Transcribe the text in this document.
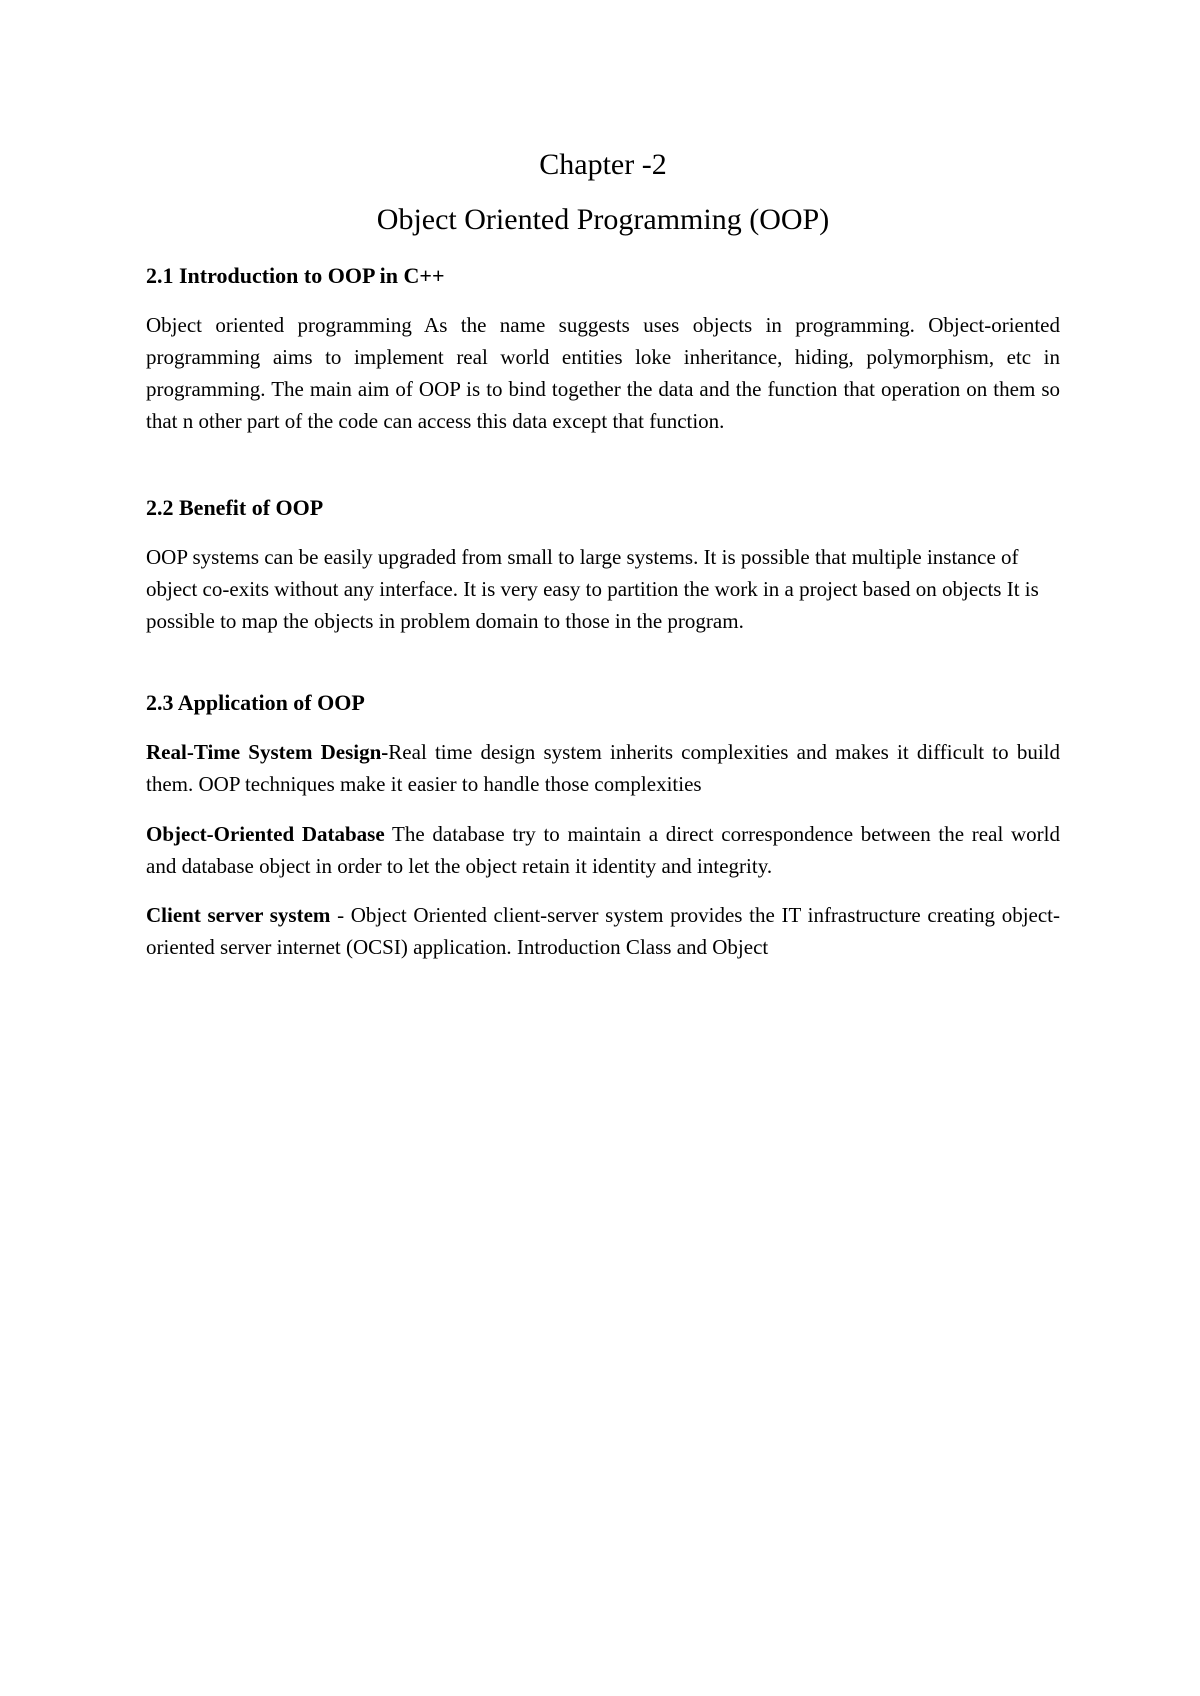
Chapter -2
Object Oriented Programming (OOP)
2.1 Introduction to OOP in C++

Object oriented programming As the name suggests uses objects in programming. Object-oriented programming aims to implement real world entities loke inheritance, hiding, polymorphism, etc in programming. The main aim of OOP is to bind together the data and the function that operation on them so that n other part of the code can access this data except that function.

2.2 Benefit of OOP

OOP systems can be easily upgraded from small to large systems. It is possible that multiple instance of object co-exits without any interface. It is very easy to partition the work in a project based on objects It is possible to map the objects in problem domain to those in the program.

2.3 Application of OOP

Real-Time System Design-Real time design system inherits complexities and makes it difficult to build them. OOP techniques make it easier to handle those complexities

Object-Oriented Database The database try to maintain a direct correspondence between the real world and database object in order to let the object retain it identity and integrity.

Client server system - Object Oriented client-server system provides the IT infrastructure creating object-oriented server internet (OCSI) application. Introduction Class and Object
